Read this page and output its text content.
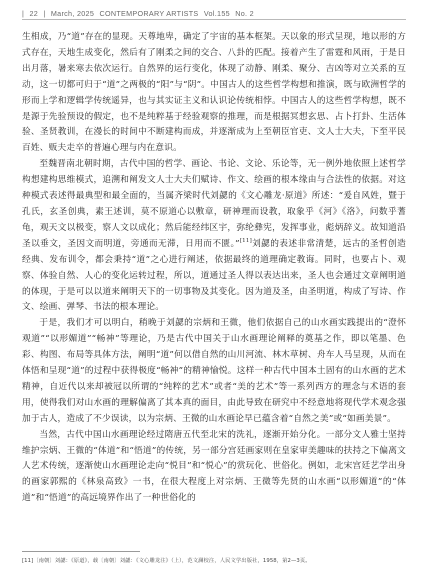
| 22 | March, 2025 CONTEMPORARY ARTISTS Vol.155 No. 2

生相成，乃“道”存在的显现。天尊地卑，确定了宇宙的基本框架。天以象的形式呈现，地以形的方式存在，天地生成变化，然后有了刚柔之间的交合、八卦的匹配。接着产生了雷霆和风雨，于是日出月落，暑来寒去依次运行。自然界的运行变化，体现了动静、刚柔、聚分、吉凶等对立关系的互动，这一切都可归于“道”之两极的“阳”与“阴”。中国古人的这些哲学构想和推演，既与欧洲哲学的形而上学和逻辑学传统遥异，也与其实证主义和认识论传统相悖。中国古人的这些哲学构想，既不是源于先验预设的假定，也不是纯粹基于经验观察的推理，而是根据冥想玄思、占卜打卦、生活体验、圣贤教训，在漫长的时间中不断建构而成，并逐渐成为上至朝臣官吏、文人士大夫，下至平民百姓、贩夫走卒的普遍心理与内在意识。

至魏晋南北朝时期，古代中国的哲学、画论、书论、文论、乐论等，无一例外地依照上述哲学构想建构思维模式，追溯和阐发文人士大夫们赋诗、作文、绘画的根本缘由与合法性的依据。对这种模式表述得最典型和最全面的，当属齐梁时代刘勰的《文心雕龙·原道》所述：“爰自风姓，暨于孔氏，玄圣创典，素王述训，莫不原道心以敷章，研神理而设教，取象乎《河》《洛》，问数乎蓍龟，观天文以极变，察人文以成化；然后能经纬区宇，弥纶彝宪，发挥事业，彪炳辞义。故知道沿圣以垂文，圣因文而明道，旁通而无滞，日用而不匮。”[11]刘勰的表述非常清楚，远古的圣哲创造经典、发布训令，都会秉持“道”之心进行阐述，依据最终的道理确定教诲。同时，也要占卜、观察、体验自然、人心的变化运转过程，所以，道通过圣人得以表达出来，圣人也会通过文章阐明道的体现，于是可以以道来阐明天下的一切事物及其变化。因为道及圣，由圣明道，构成了写诗、作文、绘画、弹琴、书法的根本理论。

于是，我们才可以明白，稍晚于刘勰的宗炳和王微，他们依据自己的山水画实践提出的“澄怀观道”“以形媚道”“畅神”等理论，乃是古代中国关于山水画理论阐释的奠基之作，即以笔墨、色彩、构图、布局等具体方法，阐明“道”何以借自然的山川河流、林木草树、舟车人马呈现，从而在体悟和呈现“道”的过程中获得极度“畅神”的精神愉悦。这样一种古代中国本土固有的山水画的艺术精神，自近代以来却被冠以所谓的“纯粹的艺术”或者“美的艺术”等一系列西方的理念与术语的套用，使得我们对山水画的理解偏离了其本真的面目，由此导致在研究中不经意地将现代学术观念强加于古人，造成了不少误读，以为宗炳、王微的山水画论早已蕴含着“自然之美”或“如画美景”。

当然，古代中国山水画理论经过隋唐五代至北宋的洗礼，逐渐开始分化。一部分文人雅士坚持维护宗炳、王微的“体道”和“悟道”的传统，另一部分宫廷画家则在皇家审美趣味的扶持之下偏离文人艺术传统，逐渐使山水画理论走向“悦目”和“悦心”的赏玩化、世俗化。例如，北宋宫廷艺学出身的画家郭熙的《林泉高致》一书，在很大程度上对宗炳、王微等先贤的山水画“以形媚道”的“体道”和“悟道”的高远境界作出了一种世俗化的

[11]〔南朝〕刘勰：《原道》，载〔南朝〕刘勰：《文心雕龙注》（上），范文澜校注，人民文学出版社，1958，第2—3页。
